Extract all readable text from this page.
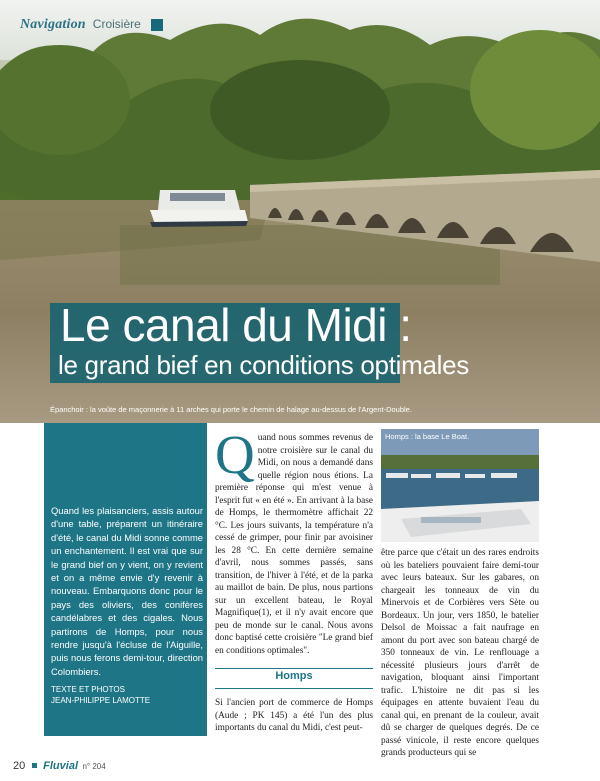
Navigation Croisière
Le canal du Midi :
le grand bief en conditions optimales
Épanchoir : la voûte de maçonnerie à 11 arches qui porte le chemin de halage au-dessus de l'Argent-Double.
Quand les plaisanciers, assis autour d'une table, préparent un itinéraire d'été, le canal du Midi sonne comme un enchantement. Il est vrai que sur le grand bief on y vient, on y revient et on a même envie d'y revenir à nouveau. Embarquons donc pour le pays des oliviers, des conifères candélabres et des cigales. Nous partirons de Homps, pour nous rendre jusqu'à l'écluse de l'Aiguille, puis nous ferons demi-tour, direction Colombiers.
TEXTE ET PHOTOS
JEAN-PHILIPPE LAMOTTE
Q uand nous sommes revenus de notre croisière sur le canal du Midi, on nous a demandé dans quelle région nous étions. La première réponse qui m'est venue à l'esprit fut « en été ». En arrivant à la base de Homps, le thermomètre affichait 22 °C. Les jours suivants, la température n'a cessé de grimper, pour finir par avoisiner les 28 °C. En cette dernière semaine d'avril, nous sommes passés, sans transition, de l'hiver à l'été, et de la parka au maillot de bain. De plus, nous partions sur un excellent bateau, le Royal Magnifique(1), et il n'y avait encore que peu de monde sur le canal. Nous avons donc baptisé cette croisière "Le grand bief en conditions optimales".

Homps

Si l'ancien port de commerce de Homps (Aude ; PK 145) a été l'un des plus importants du canal du Midi, c'est peut-

Homps : la base Le Boat.

être parce que c'était un des rares endroits où les bateliers pouvaient faire demi-tour avec leurs bateaux. Sur les gabares, on chargeait les tonneaux de vin du Minervois et de Corbières vers Sète ou Bordeaux. Un jour, vers 1850, le batelier Delsol de Moissac a fait naufrage en amont du port avec son bateau chargé de 350 tonneaux de vin. Le renflouage a nécessité plusieurs jours d'arrêt de navigation, bloquant ainsi l'important trafic. L'histoire ne dit pas si les équipages en attente buvaient l'eau du canal qui, en prenant de la couleur, avait dû se charger de quelques degrés. De ce passé vinicole, il reste encore quelques grands producteurs qui se

20 Fluvial n° 204
